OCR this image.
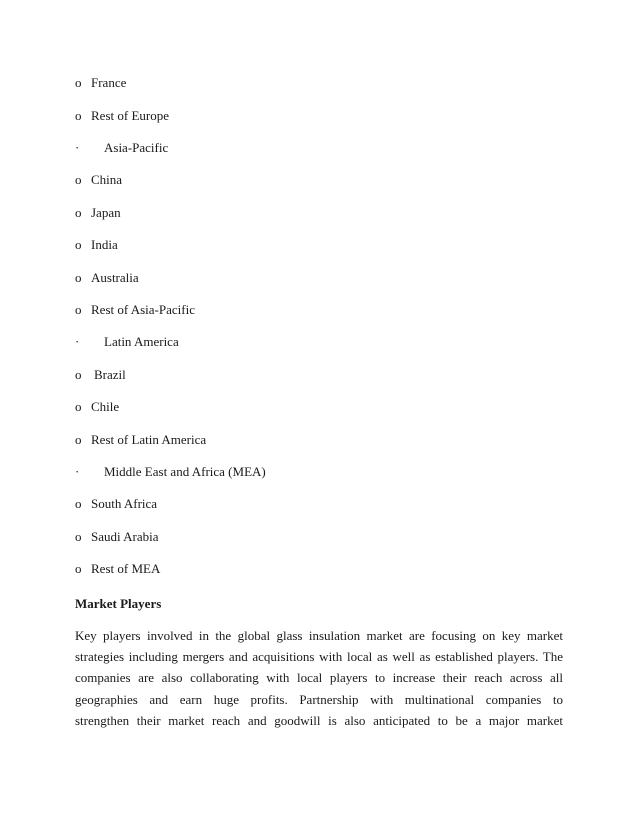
o France
o Rest of Europe
· Asia-Pacific
o China
o Japan
o India
o Australia
o Rest of Asia-Pacific
· Latin America
o Brazil
o Chile
o Rest of Latin America
· Middle East and Africa (MEA)
o South Africa
o Saudi Arabia
o Rest of MEA
Market Players
Key players involved in the global glass insulation market are focusing on key market
strategies including mergers and acquisitions with local as well as established players. The
companies are also collaborating with local players to increase their reach across all
geographies and earn huge profits. Partnership with multinational companies to
strengthen their market reach and goodwill is also anticipated to be a major market
